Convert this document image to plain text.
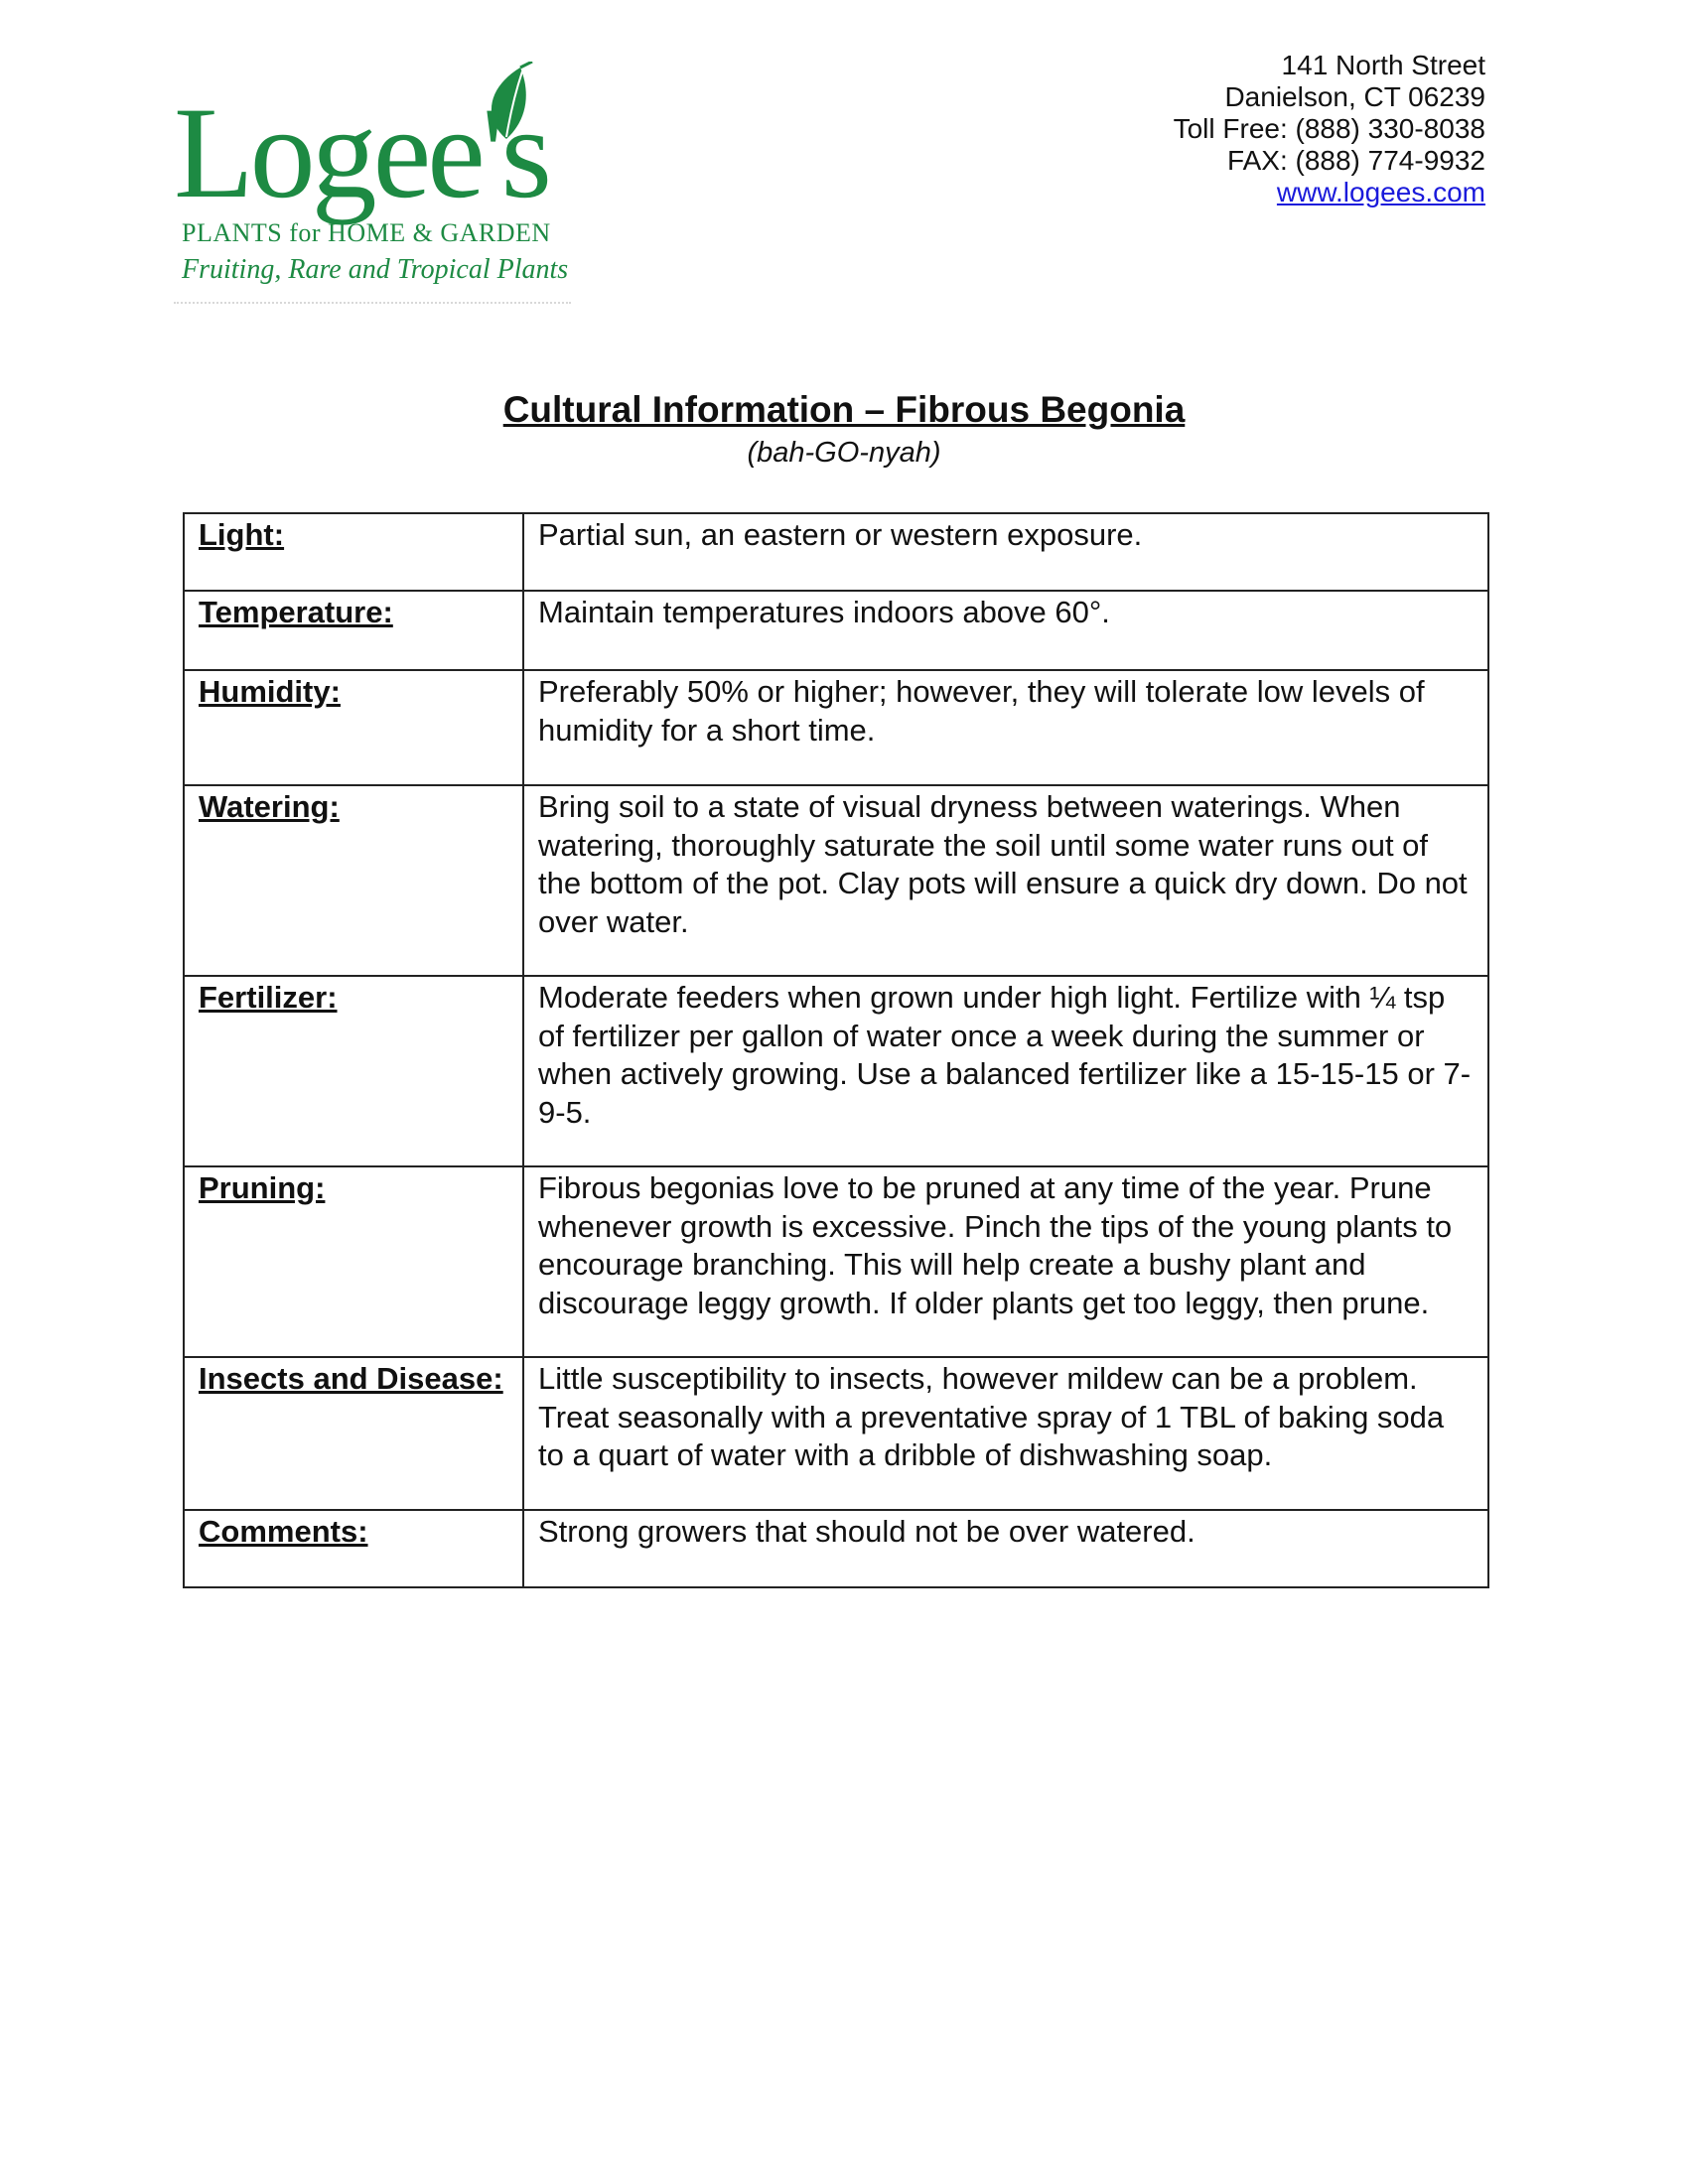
Logee's
PLANTS for HOME & GARDEN
Fruiting, Rare and Tropical Plants
141 North Street
Danielson, CT 06239
Toll Free: (888) 330-8038
FAX: (888) 774-9932
www.logees.com
Cultural Information – Fibrous Begonia
(bah-GO-nyah)
Light:	Partial sun, an eastern or western exposure.
Temperature:	Maintain temperatures indoors above 60°.
Humidity:	Preferably 50% or higher; however, they will tolerate low levels of humidity for a short time.
Watering:	Bring soil to a state of visual dryness between waterings. When watering, thoroughly saturate the soil until some water runs out of the bottom of the pot. Clay pots will ensure a quick dry down. Do not over water.
Fertilizer:	Moderate feeders when grown under high light. Fertilize with ¼ tsp of fertilizer per gallon of water once a week during the summer or when actively growing. Use a balanced fertilizer like a 15-15-15 or 7-9-5.
Pruning:	Fibrous begonias love to be pruned at any time of the year. Prune whenever growth is excessive. Pinch the tips of the young plants to encourage branching. This will help create a bushy plant and discourage leggy growth. If older plants get too leggy, then prune.
Insects and Disease:	Little susceptibility to insects, however mildew can be a problem. Treat seasonally with a preventative spray of 1 TBL of baking soda to a quart of water with a dribble of dishwashing soap.
Comments:	Strong growers that should not be over watered.
